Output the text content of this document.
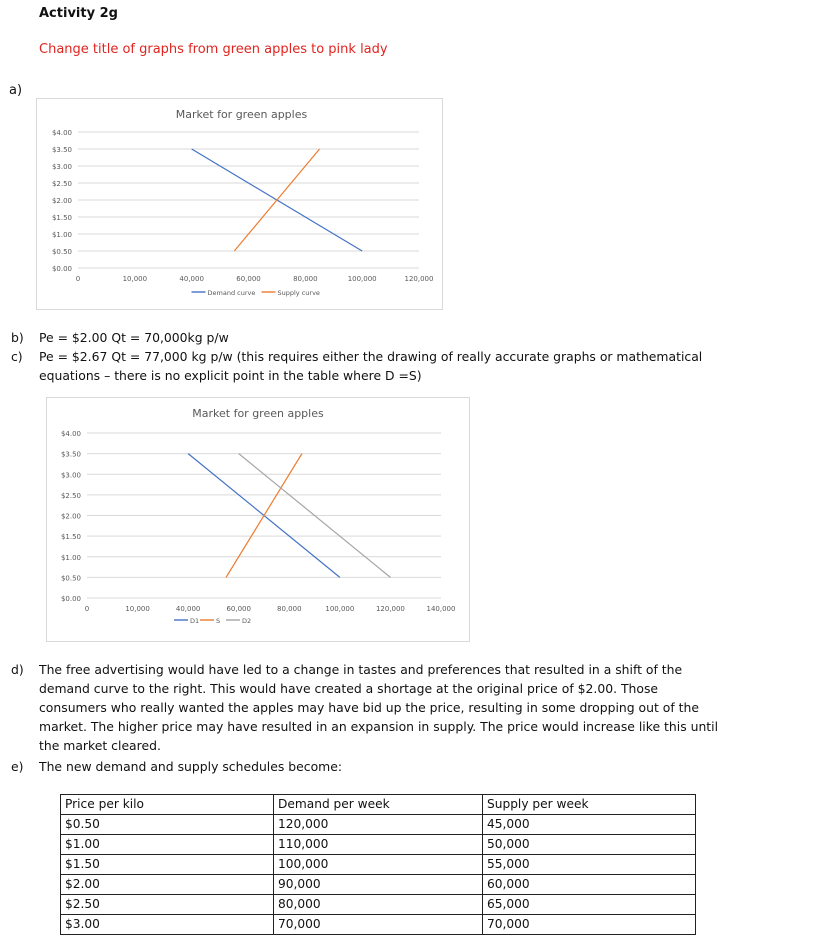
Activity 2g
Change title of graphs from green apples to pink lady
a)
Market for green apples
$4.00
$3.50
$3.00
$2.50
$2.00
$1.50
$1.00
$0.50
$0.00
0	10,000	40,000	60,000	80,000	100,000	120,000
Demand curve	Supply curve
b) Pe = $2.00 Qt = 70,000kg p/w
c) Pe = $2.67 Qt = 77,000 kg p/w (this requires either the drawing of really accurate graphs or mathematical
equations – there is no explicit point in the table where D =S)
Market for green apples
$4.00
$3.50
$3.00
$2.50
$2.00
$1.50
$1.00
$0.50
$0.00
0	10,000	40,000	60,000	80,000	100,000	120,000	140,000
D1	S	D2
d) The free advertising would have led to a change in tastes and preferences that resulted in a shift of the
demand curve to the right. This would have created a shortage at the original price of $2.00. Those
consumers who really wanted the apples may have bid up the price, resulting in some dropping out of the
market. The higher price may have resulted in an expansion in supply. The price would increase like this until
the market cleared.
e) The new demand and supply schedules become:
Price per kilo	Demand per week	Supply per week
$0.50	120,000	45,000
$1.00	110,000	50,000
$1.50	100,000	55,000
$2.00	90,000	60,000
$2.50	80,000	65,000
$3.00	70,000	70,000
